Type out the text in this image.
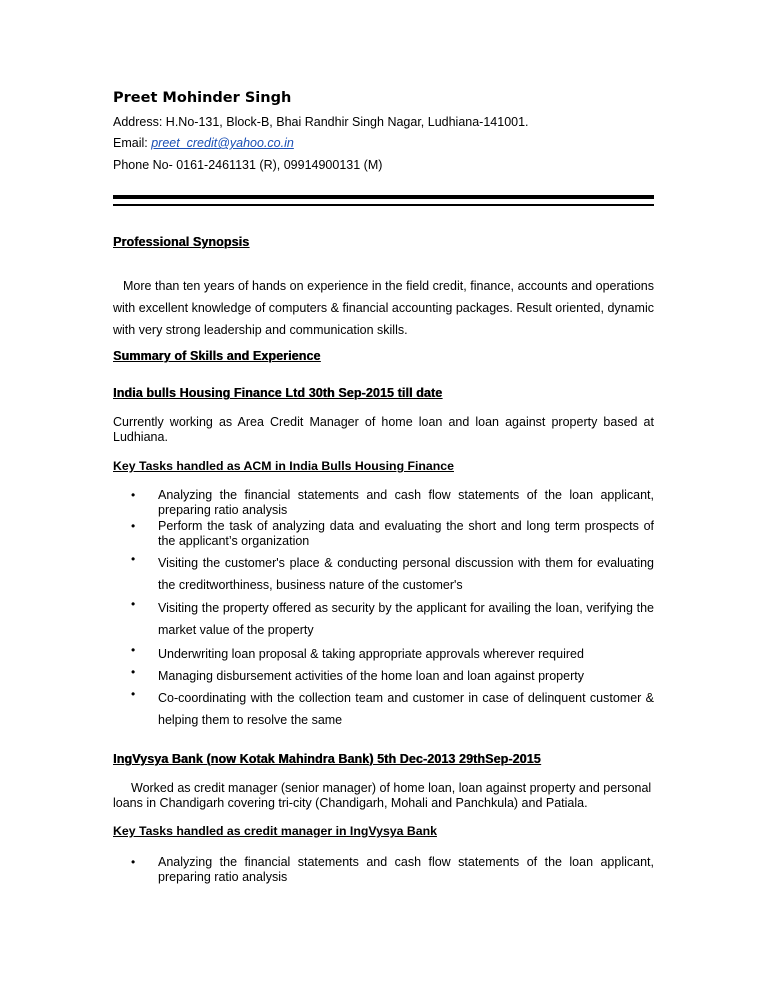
Preet Mohinder Singh
Address: H.No-131, Block-B, Bhai Randhir Singh Nagar, Ludhiana-141001.
Email: preet_credit@yahoo.co.in
Phone No- 0161-2461131 (R), 09914900131 (M)
Professional Synopsis
More than ten years of hands on experience in the field credit, finance, accounts and operations with excellent knowledge of computers & financial accounting packages. Result oriented, dynamic with very strong leadership and communication skills.
Summary of Skills and Experience
India bulls Housing Finance Ltd 30th Sep-2015 till date
Currently working as Area Credit Manager of home loan and loan against property based at Ludhiana.
Key Tasks handled as ACM in India Bulls Housing Finance
• Analyzing the financial statements and cash flow statements of the loan applicant, preparing ratio analysis
• Perform the task of analyzing data and evaluating the short and long term prospects of the applicant’s organization
• Visiting the customer's place & conducting personal discussion with them for evaluating the creditworthiness, business nature of the customer's
• Visiting the property offered as security by the applicant for availing the loan, verifying the market value of the property
• Underwriting loan proposal & taking appropriate approvals wherever required
• Managing disbursement activities of the home loan and loan against property
• Co-coordinating with the collection team and customer in case of delinquent customer & helping them to resolve the same
IngVysya Bank (now Kotak Mahindra Bank) 5th Dec-2013 29thSep-2015
Worked as credit manager (senior manager) of home loan, loan against property and personal loans in Chandigarh covering tri-city (Chandigarh, Mohali and Panchkula) and Patiala.
Key Tasks handled as credit manager in IngVysya Bank
• Analyzing the financial statements and cash flow statements of the loan applicant, preparing ratio analysis
